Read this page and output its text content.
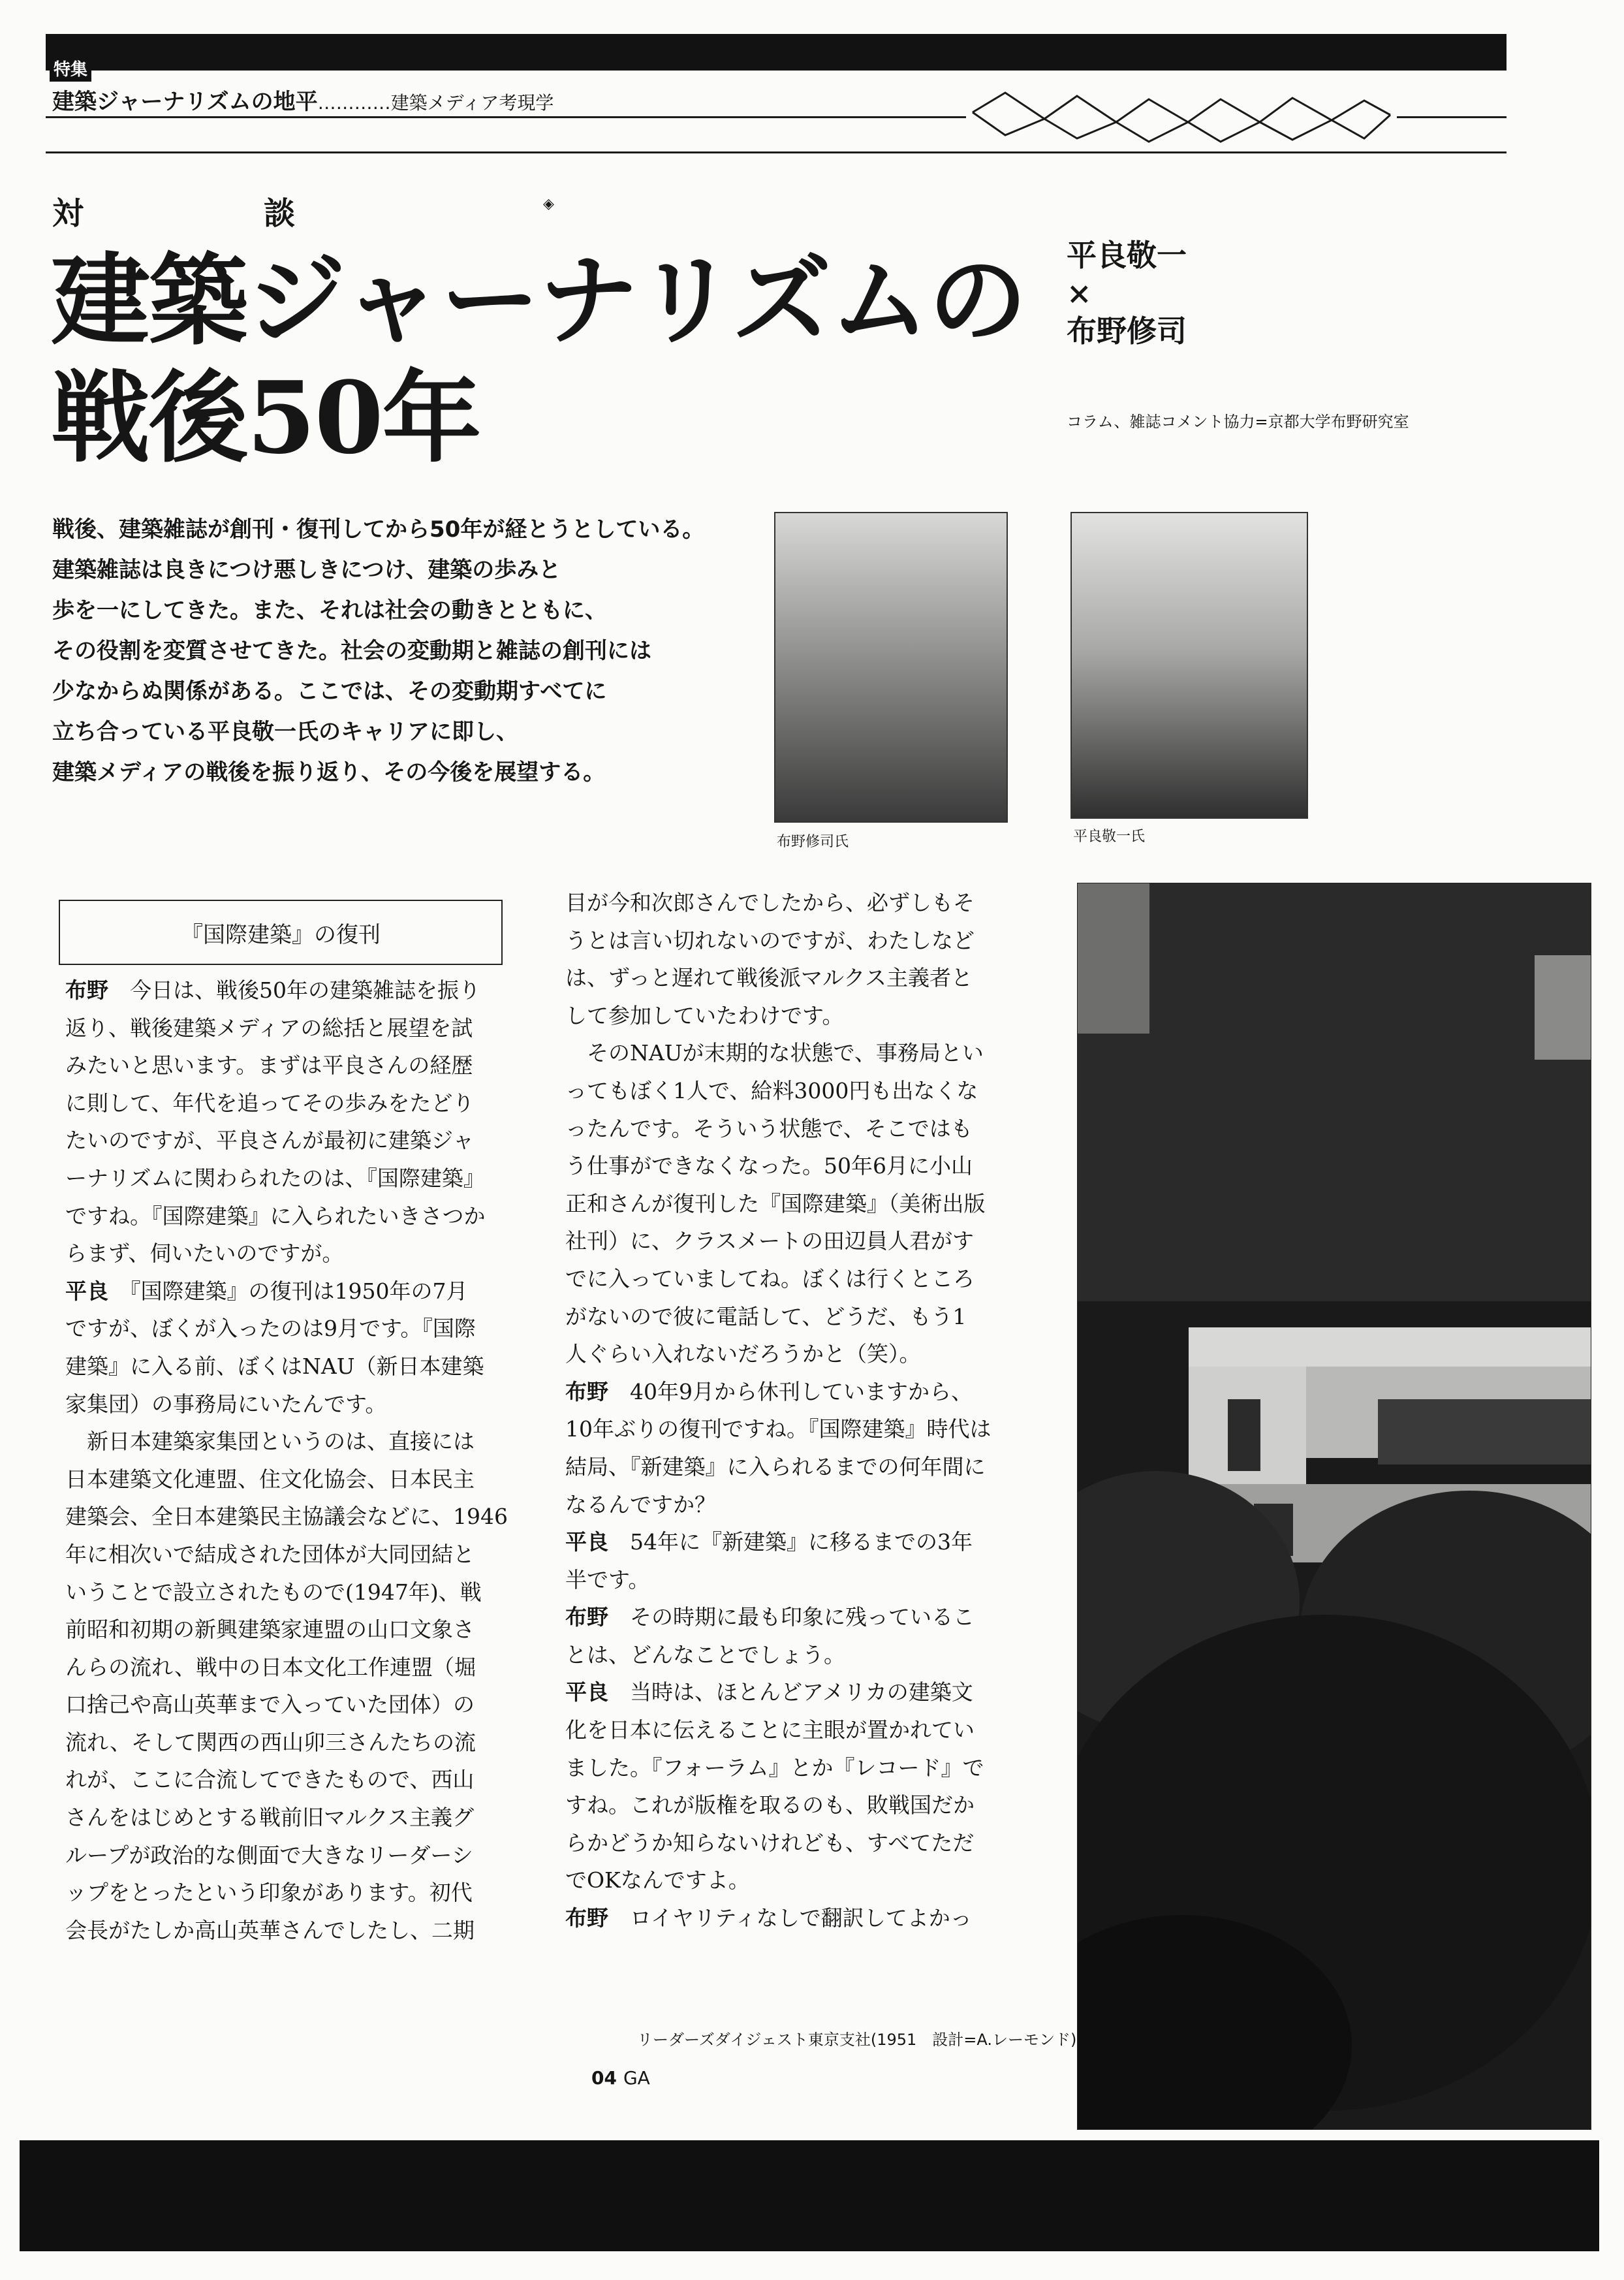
特集
建築ジャーナリズムの地平…………建築メディア考現学
対	談	◈
建築ジャーナリズムの
戦後50年
平良敬一
×
布野修司
コラム、雑誌コメント協力=京都大学布野研究室
戦後、建築雑誌が創刊・復刊してから50年が経とうとしている。
建築雑誌は良きにつけ悪しきにつけ、建築の歩みと
歩を一にしてきた。また、それは社会の動きとともに、
その役割を変質させてきた。社会の変動期と雑誌の創刊には
少なからぬ関係がある。ここでは、その変動期すべてに
立ち合っている平良敬一氏のキャリアに即し、
建築メディアの戦後を振り返り、その今後を展望する。
布野修司氏	平良敬一氏
『国際建築』の復刊
布野　今日は、戦後50年の建築雑誌を振り
返り、戦後建築メディアの総括と展望を試
みたいと思います。まずは平良さんの経歴
に則して、年代を追ってその歩みをたどり
たいのですが、平良さんが最初に建築ジャ
ーナリズムに関わられたのは、『国際建築』
ですね。『国際建築』に入られたいきさつか
らまず、伺いたいのですが。
平良　『国際建築』の復刊は1950年の7月
ですが、ぼくが入ったのは9月です。『国際
建築』に入る前、ぼくはNAU（新日本建築
家集団）の事務局にいたんです。
　新日本建築家集団というのは、直接には
日本建築文化連盟、住文化協会、日本民主
建築会、全日本建築民主協議会などに、1946
年に相次いで結成された団体が大同団結と
いうことで設立されたもので(1947年)、戦
前昭和初期の新興建築家連盟の山口文象さ
んらの流れ、戦中の日本文化工作連盟（堀
口捨己や高山英華まで入っていた団体）の
流れ、そして関西の西山卯三さんたちの流
れが、ここに合流してできたもので、西山
さんをはじめとする戦前旧マルクス主義グ
ループが政治的な側面で大きなリーダーシ
ップをとったという印象があります。初代
会長がたしか高山英華さんでしたし、二期
目が今和次郎さんでしたから、必ずしもそ
うとは言い切れないのですが、わたしなど
は、ずっと遅れて戦後派マルクス主義者と
して参加していたわけです。
　そのNAUが末期的な状態で、事務局とい
ってもぼく1人で、給料3000円も出なくな
ったんです。そういう状態で、そこではも
う仕事ができなくなった。50年6月に小山
正和さんが復刊した『国際建築』（美術出版
社刊）に、クラスメートの田辺員人君がす
でに入っていましてね。ぼくは行くところ
がないので彼に電話して、どうだ、もう1
人ぐらい入れないだろうかと（笑）。
布野　40年9月から休刊していますから、
10年ぶりの復刊ですね。『国際建築』時代は
結局、『新建築』に入られるまでの何年間に
なるんですか？
平良　54年に『新建築』に移るまでの3年
半です。
布野　その時期に最も印象に残っているこ
とは、どんなことでしょう。
平良　当時は、ほとんどアメリカの建築文
化を日本に伝えることに主眼が置かれてい
ました。『フォーラム』とか『レコード』で
すね。これが版権を取るのも、敗戦国だか
らかどうか知らないけれども、すべてただ
でOKなんですよ。
布野　ロイヤリティなしで翻訳してよかっ
リーダーズダイジェスト東京支社(1951　設計=A.レーモンド)
04 GA
